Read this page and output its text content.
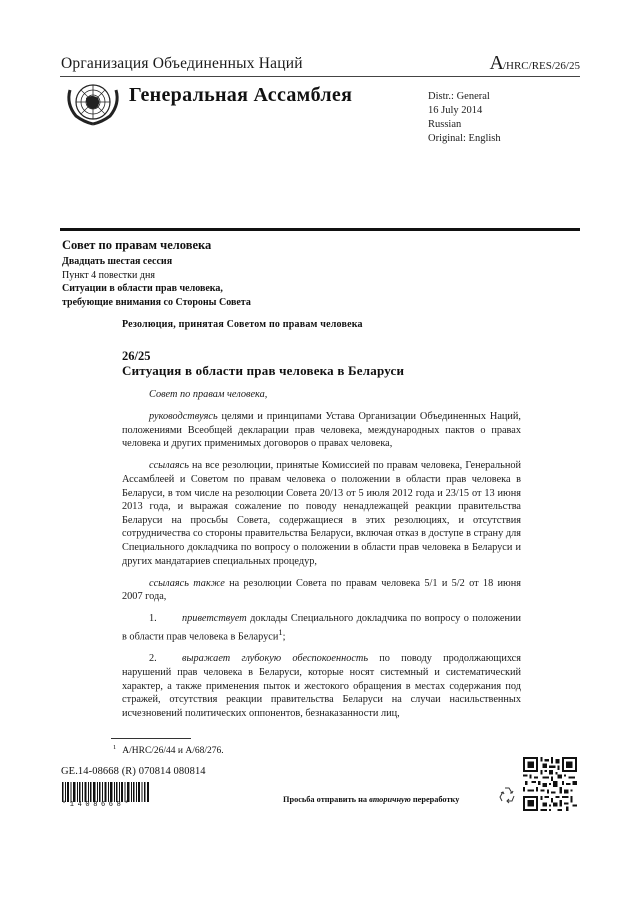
Организация Объединенных Наций	A/HRC/RES/26/25
Генеральная Ассамблея	Distr.: General
16 July 2014
Russian
Original: English
Совет по правам человека
Двадцать шестая сессия
Пункт 4 повестки дня
Ситуации в области прав человека,
требующие внимания со Стороны Совета
Резолюция, принятая Советом по правам человека
26/25
Ситуация в области прав человека в Беларуси

Совет по правам человека,

руководствуясь целями и принципами Устава Организации Объединенных Наций, положениями Всеобщей декларации прав человека, международных пактов о правах человека и других применимых договоров о правах человека,

ссылаясь на все резолюции, принятые Комиссией по правам человека, Генеральной Ассамблеей и Советом по правам человека о положении в области прав человека в Беларуси, в том числе на резолюции Совета 20/13 от 5 июля 2012 года и 23/15 от 13 июня 2013 года, и выражая сожаление по поводу ненадлежащей реакции правительства Беларуси на просьбы Совета, содержащиеся в этих резолюциях, и отсутствия сотрудничества со стороны правительства Беларуси, включая отказ в доступе в страну для Специального докладчика по вопросу о положении в области прав человека в Беларуси и других мандатариев специальных процедур,

ссылаясь также на резолюции Совета по правам человека 5/1 и 5/2 от 18 июня 2007 года,

1. приветствует доклады Специального докладчика по вопросу о положении в области прав человека в Беларуси$^1$;

2. выражает глубокую обеспокоенность по поводу продолжающихся нарушений прав человека в Беларуси, которые носят системный и систематический характер, а также применения пыток и жестокого обращения в местах содержания под стражей, отсутствия реакции правительства Беларуси на случаи насильственных исчезновений политических оппонентов, безнаказанности лиц,

$^1$ A/HRC/26/44 и A/68/276.
GE.14-08668 (R) 070814 080814
*1408668*
Просьба отправить на вторичную переработку
